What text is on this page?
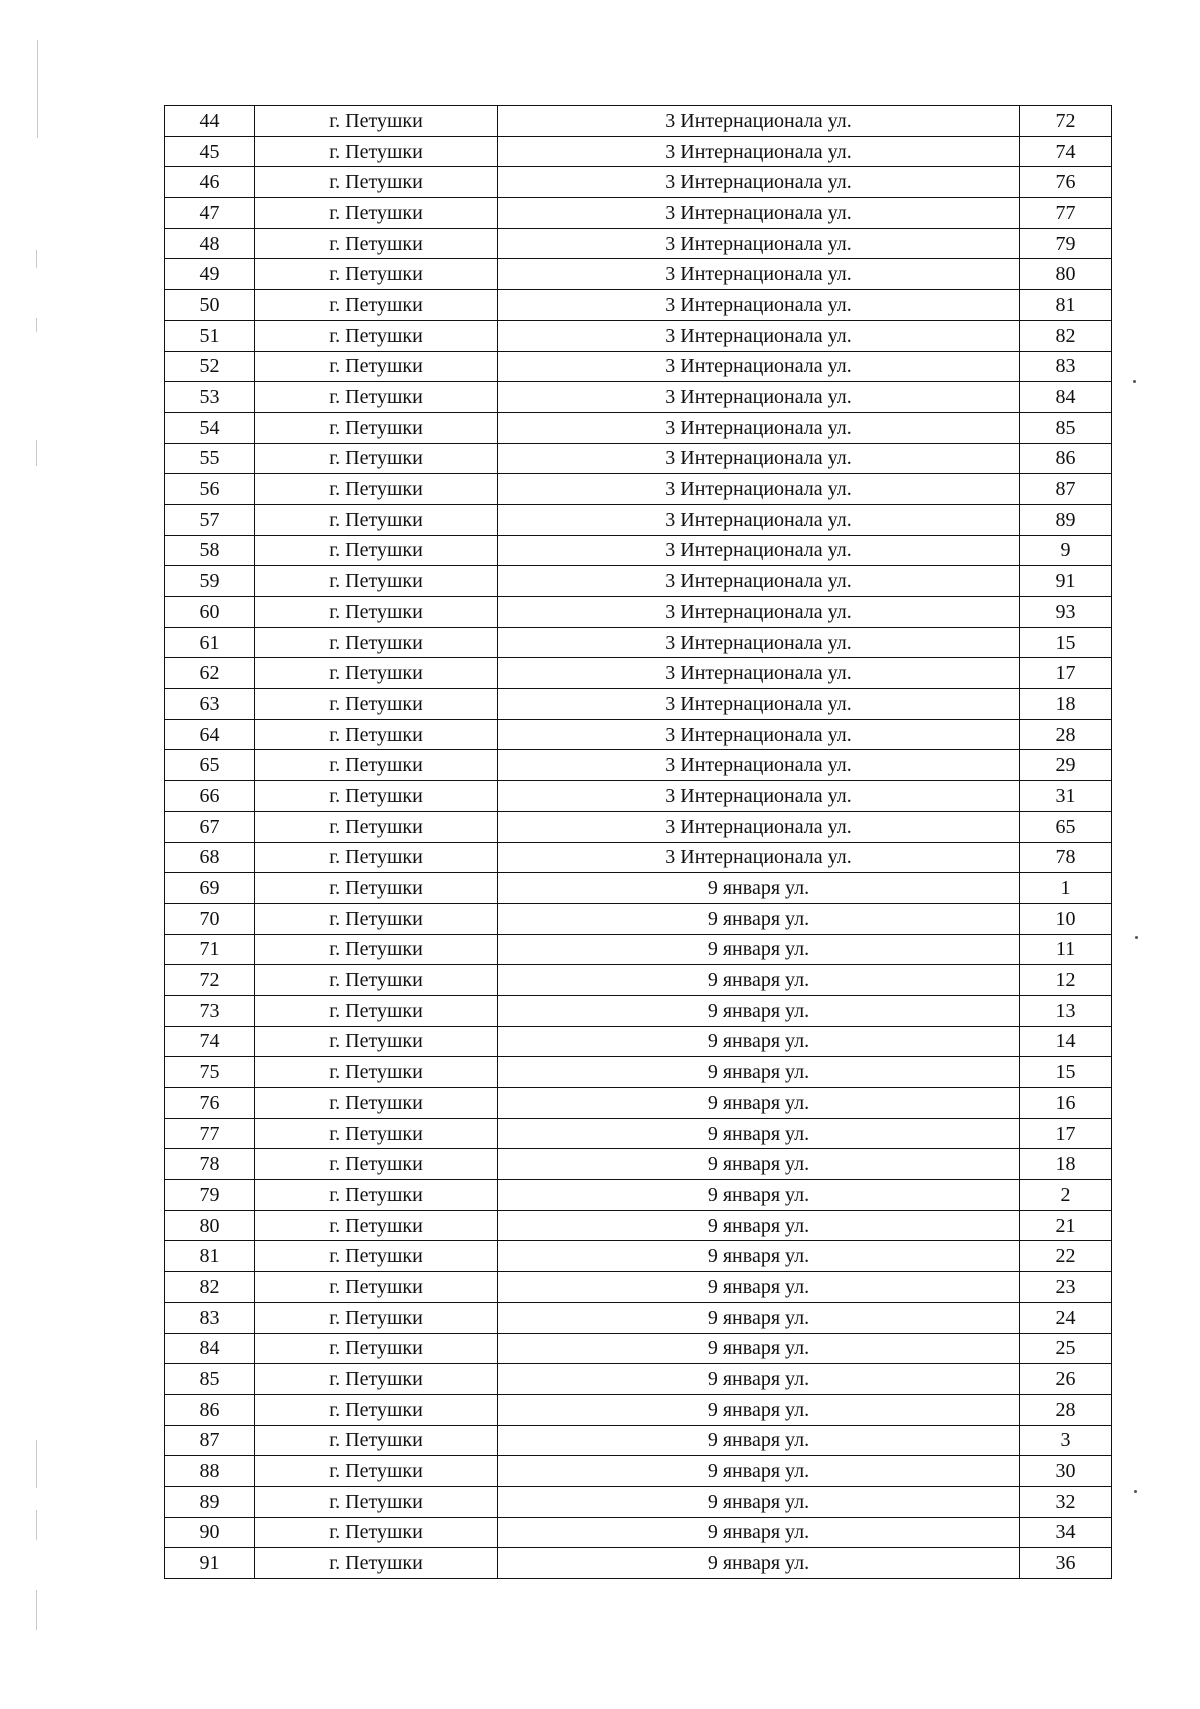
44	г. Петушки	3 Интернационала ул.	72
45	г. Петушки	3 Интернационала ул.	74
46	г. Петушки	3 Интернационала ул.	76
47	г. Петушки	3 Интернационала ул.	77
48	г. Петушки	3 Интернационала ул.	79
49	г. Петушки	3 Интернационала ул.	80
50	г. Петушки	3 Интернационала ул.	81
51	г. Петушки	3 Интернационала ул.	82
52	г. Петушки	3 Интернационала ул.	83
53	г. Петушки	3 Интернационала ул.	84
54	г. Петушки	3 Интернационала ул.	85
55	г. Петушки	3 Интернационала ул.	86
56	г. Петушки	3 Интернационала ул.	87
57	г. Петушки	3 Интернационала ул.	89
58	г. Петушки	3 Интернационала ул.	9
59	г. Петушки	3 Интернационала ул.	91
60	г. Петушки	3 Интернационала ул.	93
61	г. Петушки	3 Интернационала ул.	15
62	г. Петушки	3 Интернационала ул.	17
63	г. Петушки	3 Интернационала ул.	18
64	г. Петушки	3 Интернационала ул.	28
65	г. Петушки	3 Интернационала ул.	29
66	г. Петушки	3 Интернационала ул.	31
67	г. Петушки	3 Интернационала ул.	65
68	г. Петушки	3 Интернационала ул.	78
69	г. Петушки	9 января ул.	1
70	г. Петушки	9 января ул.	10
71	г. Петушки	9 января ул.	11
72	г. Петушки	9 января ул.	12
73	г. Петушки	9 января ул.	13
74	г. Петушки	9 января ул.	14
75	г. Петушки	9 января ул.	15
76	г. Петушки	9 января ул.	16
77	г. Петушки	9 января ул.	17
78	г. Петушки	9 января ул.	18
79	г. Петушки	9 января ул.	2
80	г. Петушки	9 января ул.	21
81	г. Петушки	9 января ул.	22
82	г. Петушки	9 января ул.	23
83	г. Петушки	9 января ул.	24
84	г. Петушки	9 января ул.	25
85	г. Петушки	9 января ул.	26
86	г. Петушки	9 января ул.	28
87	г. Петушки	9 января ул.	3
88	г. Петушки	9 января ул.	30
89	г. Петушки	9 января ул.	32
90	г. Петушки	9 января ул.	34
91	г. Петушки	9 января ул.	36
